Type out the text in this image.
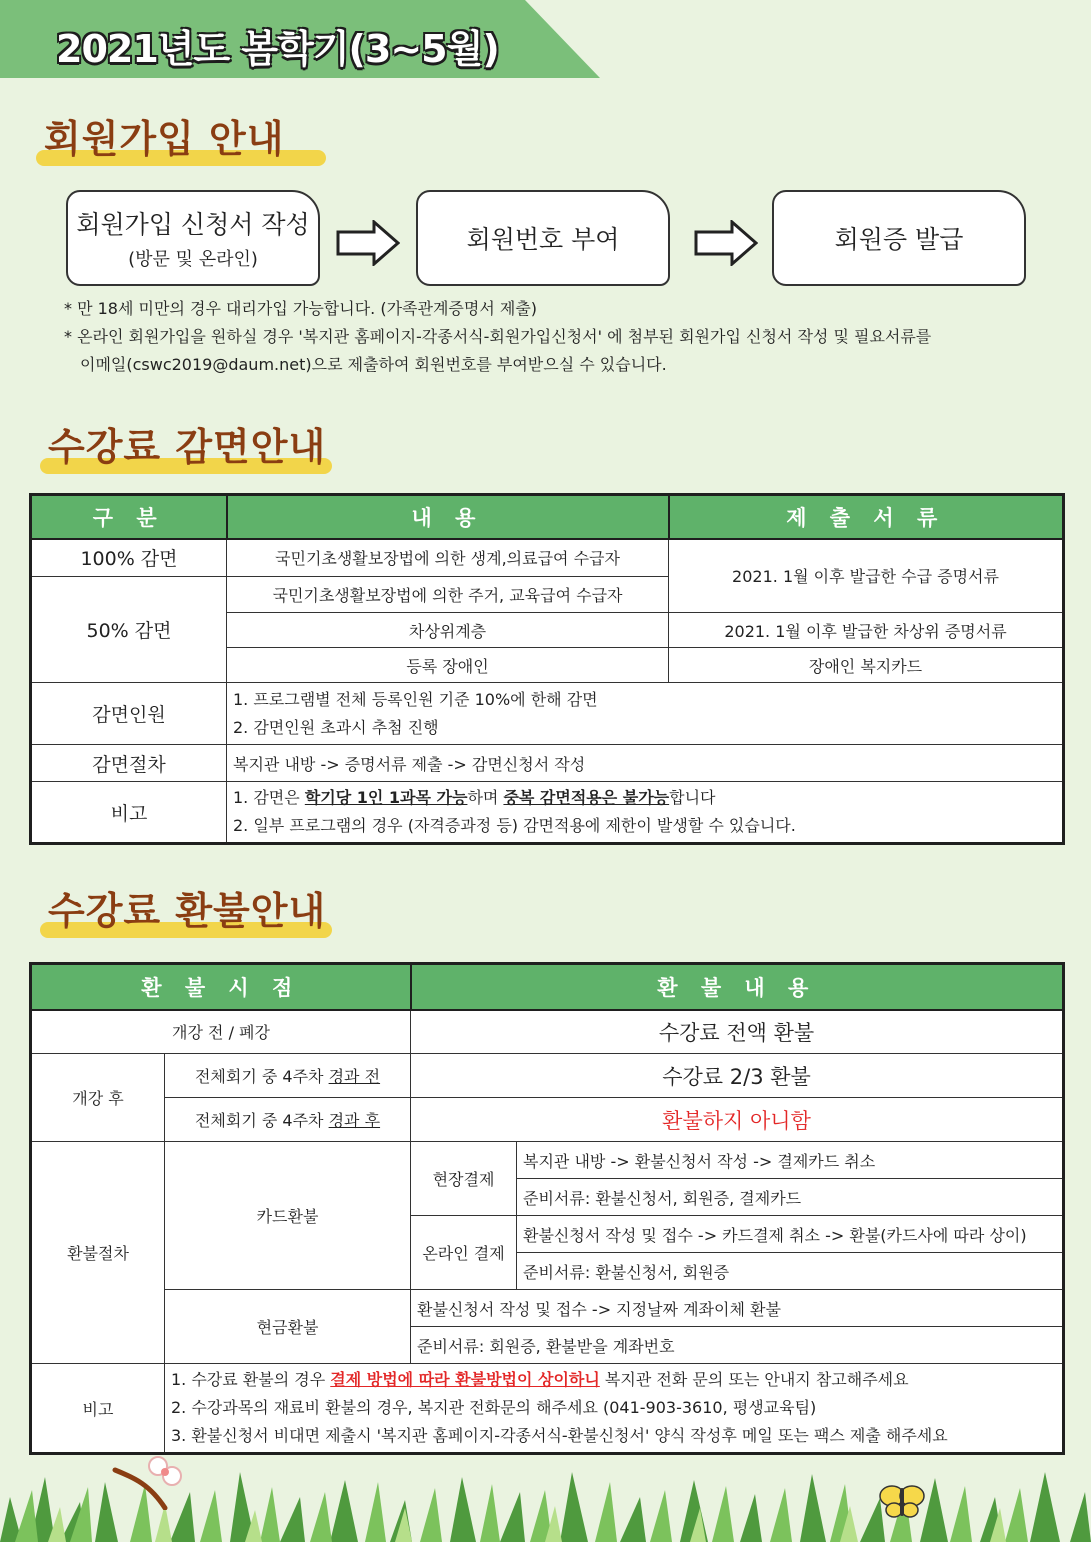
2021년도 봄학기(3~5월)
회원가입 안내
회원가입 신청서 작성
(방문 및 온라인)
회원번호 부여	회원증 발급
* 만 18세 미만의 경우 대리가입 가능합니다. (가족관계증명서 제출)
* 온라인 회원가입을 원하실 경우 '복지관 홈페이지-각종서식-회원가입신청서' 에 첨부된 회원가입 신청서 작성 및 필요서류를
이메일(cswc2019@daum.net)으로 제출하여 회원번호를 부여받으실 수 있습니다.
수강료 감면안내
구 분	내 용	제 출 서 류
100% 감면	국민기초생활보장법에 의한 생계,의료급여 수급자	2021. 1월 이후 발급한 수급 증명서류
50% 감면	국민기초생활보장법에 의한 주거, 교육급여 수급자	
	차상위계층	2021. 1월 이후 발급한 차상위 증명서류
	등록 장애인	장애인 복지카드
감면인원	1. 프로그램별 전체 등록인원 기준 10%에 한해 감면
2. 감면인원 초과시 추첨 진행	

감면절차	복지관 내방 -> 증명서류 제출 -> 감면신청서 작성	
비고	1. 감면은 학기당 1인 1과목 가능하며 중복 감면적용은 불가능합니다
2. 일부 프로그램의 경우 (자격증과정 등) 감면적용에 제한이 발생할 수 있습니다.	
수강료 환불안내
환 불 시 점		환 불 내 용	
개강 전 / 폐강		수강료 전액 환불	
개강 후	전체회기 중 4주차 경과 전	수강료 2/3 환불	
	전체회기 중 4주차 경과 후	환불하지 아니함	
환불절차	카드환불	현장결제	복지관 내방 -> 환불신청서 작성 -> 결제카드 취소
			준비서류: 환불신청서, 회원증, 결제카드
		온라인 결제	환불신청서 작성 및 접수 -> 카드결제 취소 -> 환불(카드사에 따라 상이)
			준비서류: 환불신청서, 회원증
	현금환불	환불신청서 작성 및 접수 -> 지정날짜 계좌이체 환불	
		준비서류: 회원증, 환불받을 계좌번호	
비고	1. 수강료 환불의 경우 결제 방법에 따라 환불방법이 상이하니 복지관 전화 문의 또는 안내지 참고해주세요
2. 수강과목의 재료비 환불의 경우, 복지관 전화문의 해주세요 (041-903-3610, 평생교육팀)
3. 환불신청서 비대면 제출시 '복지관 홈페이지-각종서식-환불신청서' 양식 작성후 메일 또는 팩스 제출 해주세요		
